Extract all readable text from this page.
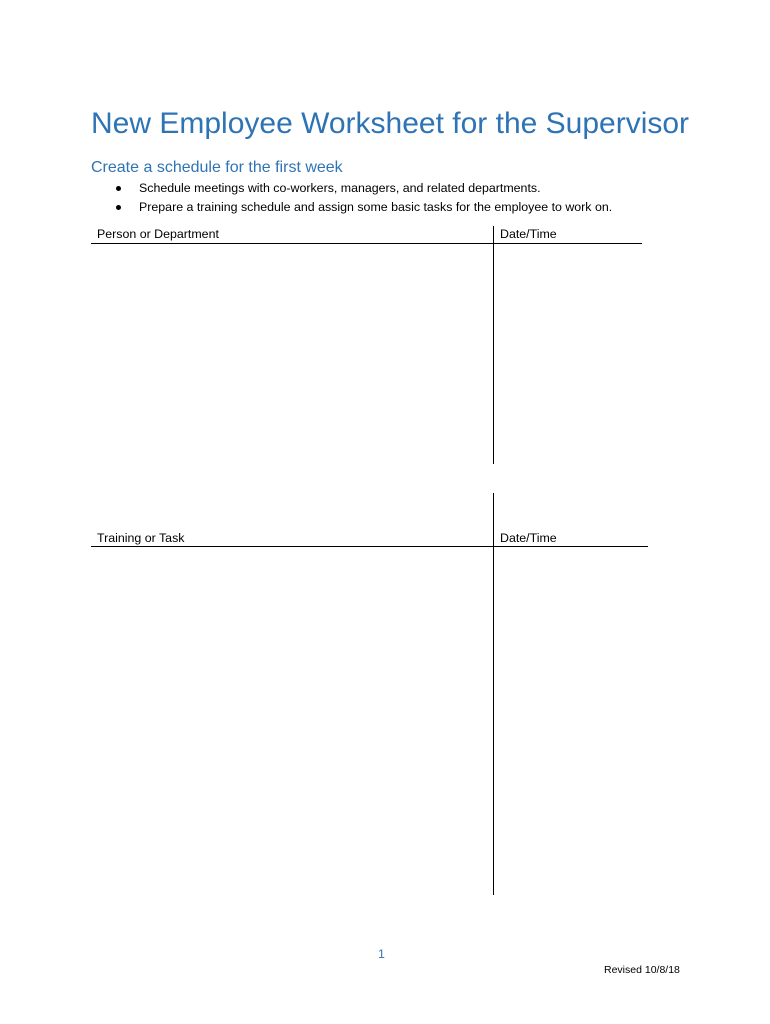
New Employee Worksheet for the Supervisor
Create a schedule for the first week
Schedule meetings with co-workers, managers, and related departments.
Prepare a training schedule and assign some basic tasks for the employee to work on.
Person or Department	Date/Time
Training or Task	Date/Time
1
Revised 10/8/18
